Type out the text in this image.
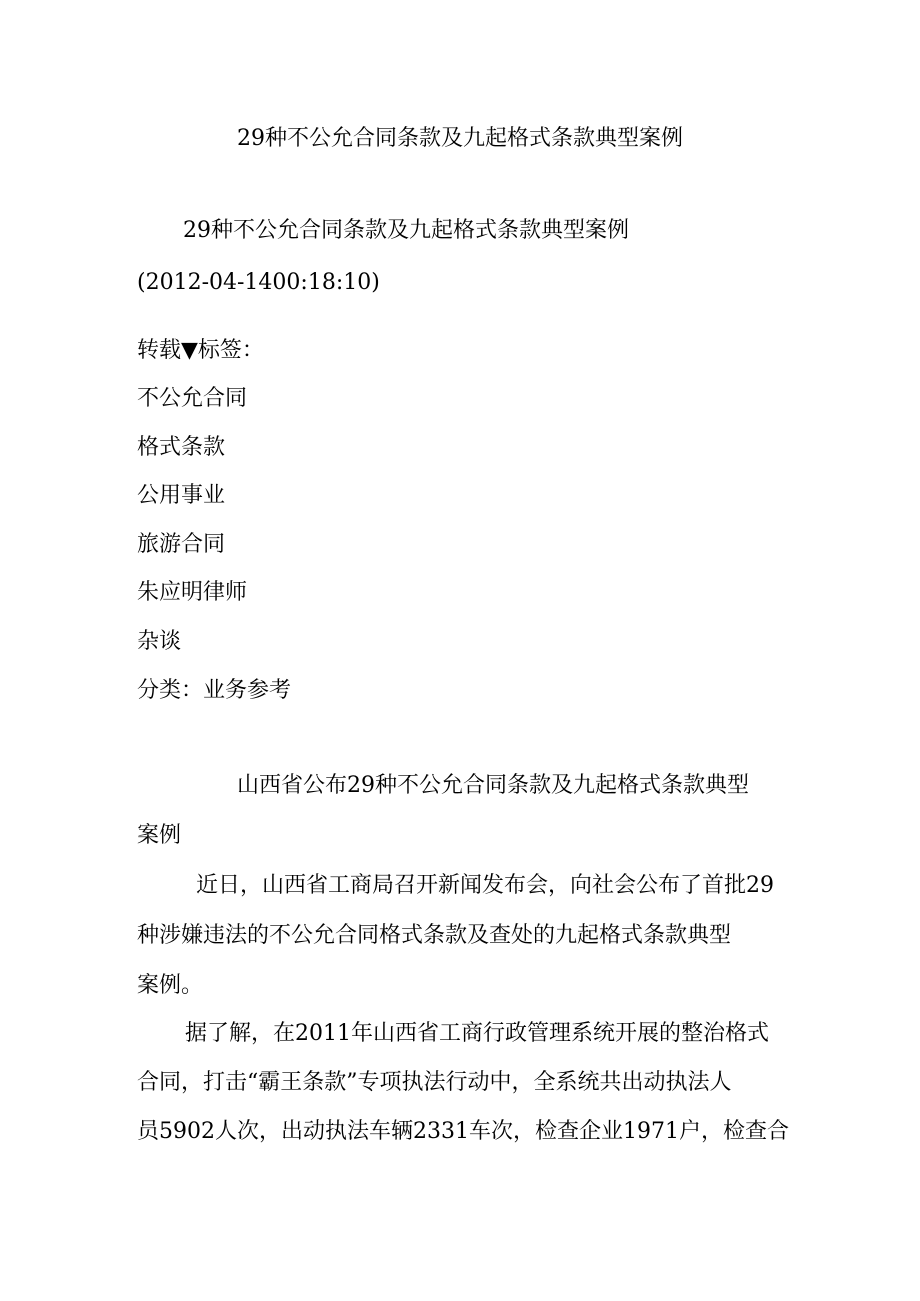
29种不公允合同条款及九起格式条款典型案例
29种不公允合同条款及九起格式条款典型案例
(2012-04-1400:18:10)
转载▼标签：
不公允合同
格式条款
公用事业
旅游合同
朱应明律师
杂谈
分类：业务参考
山西省公布29种不公允合同条款及九起格式条款典型
案例
近日，山西省工商局召开新闻发布会，向社会公布了首批29
种涉嫌违法的不公允合同格式条款及查处的九起格式条款典型
案例。
据了解，在2011年山西省工商行政管理系统开展的整治格式
合同，打击“霸王条款”专项执法行动中，全系统共出动执法人
员5902人次，出动执法车辆2331车次，检查企业1971户，检查合
